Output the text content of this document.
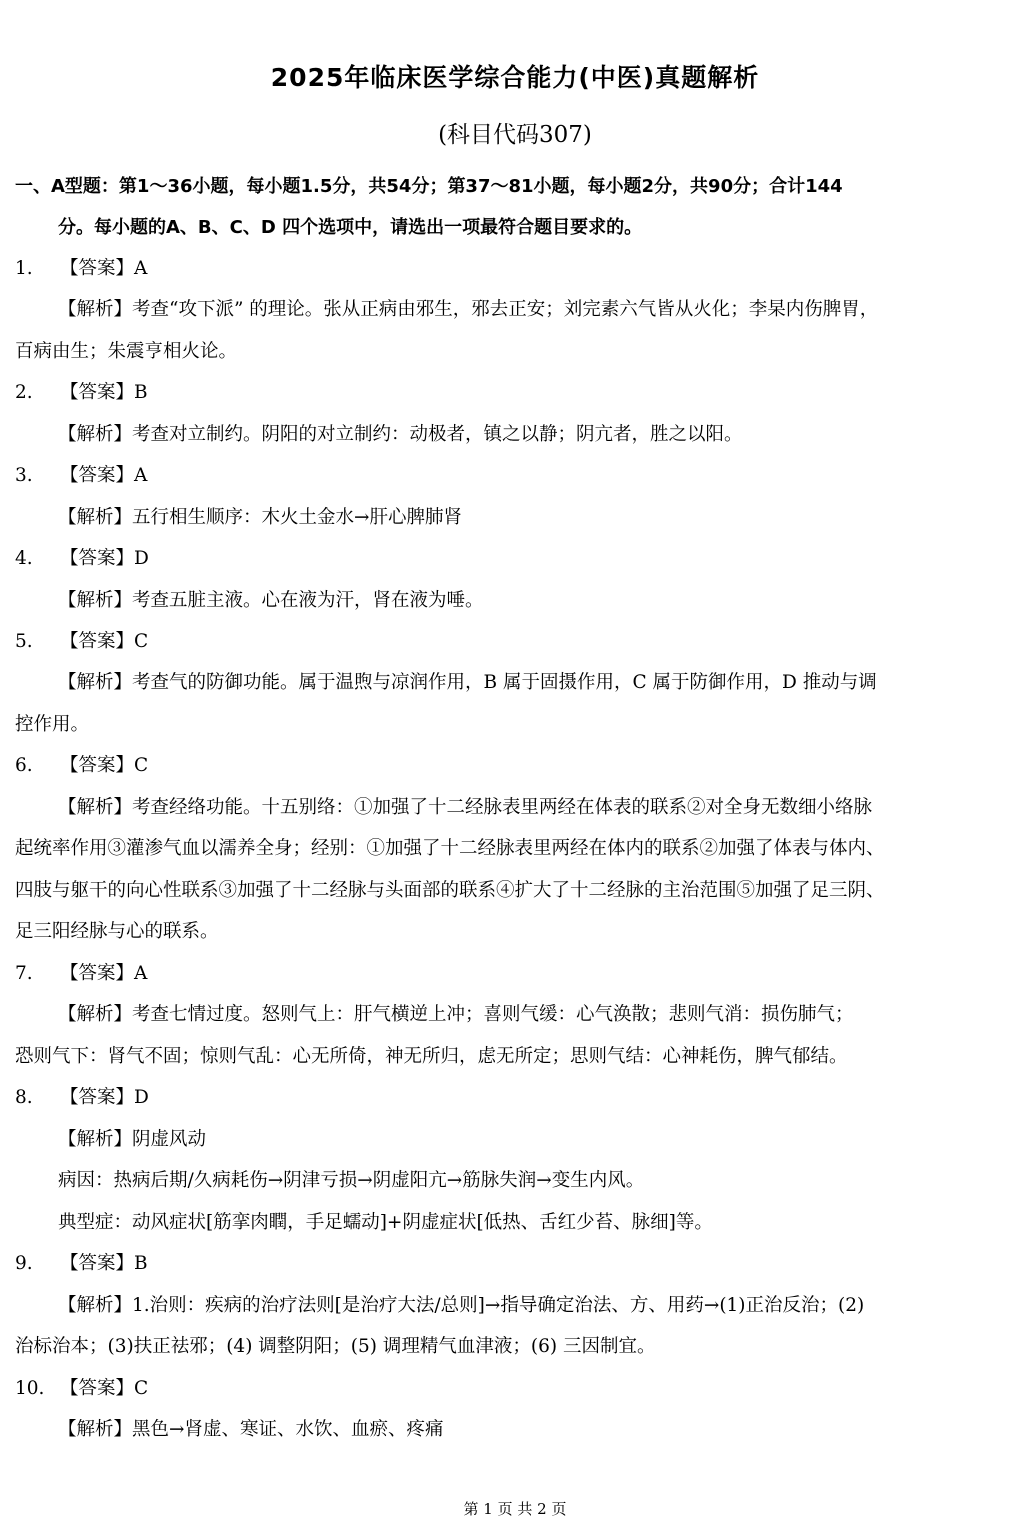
2025年临床医学综合能力(中医)真题解析
(科目代码307)
一、A型题：第1～36小题，每小题1.5分，共54分；第37～81小题，每小题2分，共90分；合计144
分。每小题的A、B、C、D 四个选项中，请选出一项最符合题目要求的。
1. 【答案】A
【解析】考查“攻下派” 的理论。张从正病由邪生，邪去正安；刘完素六气皆从火化；李杲内伤脾胃，
百病由生；朱震亨相火论。
2. 【答案】B
【解析】考查对立制约。阴阳的对立制约：动极者，镇之以静；阴亢者，胜之以阳。
3. 【答案】A
【解析】五行相生顺序：木火土金水→肝心脾肺肾
4. 【答案】D
【解析】考查五脏主液。心在液为汗，肾在液为唾。
5. 【答案】C
【解析】考查气的防御功能。属于温煦与凉润作用，B 属于固摄作用，C 属于防御作用，D 推动与调
控作用。
6. 【答案】C
【解析】考查经络功能。十五别络：①加强了十二经脉表里两经在体表的联系②对全身无数细小络脉
起统率作用③灌渗气血以濡养全身；经别：①加强了十二经脉表里两经在体内的联系②加强了体表与体内、
四肢与躯干的向心性联系③加强了十二经脉与头面部的联系④扩大了十二经脉的主治范围⑤加强了足三阴、
足三阳经脉与心的联系。
7. 【答案】A
【解析】考查七情过度。怒则气上：肝气横逆上冲；喜则气缓：心气涣散；悲则气消：损伤肺气；
恐则气下：肾气不固；惊则气乱：心无所倚，神无所归，虑无所定；思则气结：心神耗伤，脾气郁结。
8. 【答案】D
【解析】阴虚风动
病因：热病后期/久病耗伤→阴津亏损→阴虚阳亢→筋脉失润→变生内风。
典型症：动风症状[筋挛肉瞤，手足蠕动]+阴虚症状[低热、舌红少苔、脉细]等。
9. 【答案】B
【解析】1.治则：疾病的治疗法则[是治疗大法/总则]→指导确定治法、方、用药→(1)正治反治；(2)
治标治本；(3)扶正祛邪；(4) 调整阴阳；(5) 调理精气血津液；(6) 三因制宜。
10. 【答案】C
【解析】黑色→肾虚、寒证、水饮、血瘀、疼痛
第 1 页 共 2 页
